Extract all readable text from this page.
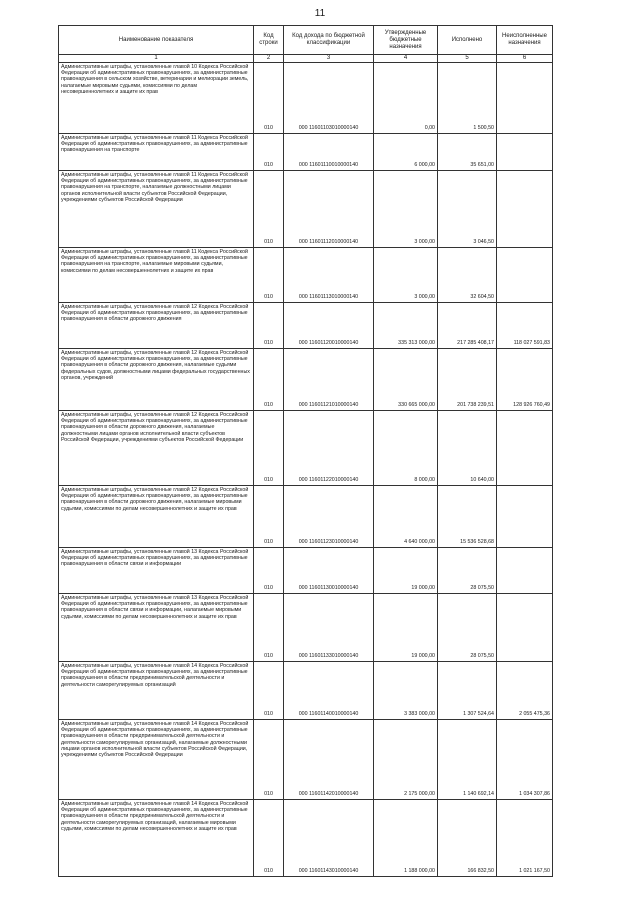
11
Наименование показателя	Код строки	Код дохода по бюджетной классификации	Утвержденные бюджетные назначения	Исполнено	Неисполненные назначения
1	2	3	4	5	6
Административные штрафы, установленные главой 10 Кодекса Российской Федерации об административных правонарушениях, за административные правонарушения в сельском хозяйстве, ветеринарии и мелиорации земель, налагаемые мировыми судьями, комиссиями по делам несовершеннолетних и защите их прав	010	000 11601103010000140	0,00	1 500,50	
Административные штрафы, установленные главой 11 Кодекса Российской Федерации об административных правонарушениях, за административные правонарушения на транспорте	010	000 11601110010000140	6 000,00	35 651,00	
Административные штрафы, установленные главой 11 Кодекса Российской Федерации об административных правонарушениях, за административные правонарушения на транспорте, налагаемые должностными лицами органов исполнительной власти субъектов Российской Федерации, учреждениями субъектов Российской Федерации	010	000 11601112010000140	3 000,00	3 046,50	
Административные штрафы, установленные главой 11 Кодекса Российской Федерации об административных правонарушениях, за административные правонарушения на транспорте, налагаемые мировыми судьями, комиссиями по делам несовершеннолетних и защите их прав	010	000 11601113010000140	3 000,00	32 604,50	
Административные штрафы, установленные главой 12 Кодекса Российской Федерации об административных правонарушениях, за административные правонарушения в области дорожного движения	010	000 11601120010000140	335 313 000,00	217 285 408,17	118 027 591,83
Административные штрафы, установленные главой 12 Кодекса Российской Федерации об административных правонарушениях, за административные правонарушения в области дорожного движения, налагаемые судьями федеральных судов, должностными лицами федеральных государственных органов, учреждений	010	000 11601121010000140	330 665 000,00	201 738 239,51	128 926 760,49
Административные штрафы, установленные главой 12 Кодекса Российской Федерации об административных правонарушениях, за административные правонарушения в области дорожного движения, налагаемые должностными лицами органов исполнительной власти субъектов Российской Федерации, учреждениями субъектов Российской Федерации	010	000 11601122010000140	8 000,00	10 640,00	
Административные штрафы, установленные главой 12 Кодекса Российской Федерации об административных правонарушениях, за административные правонарушения в области дорожного движения, налагаемые мировыми судьями, комиссиями по делам несовершеннолетних и защите их прав	010	000 11601123010000140	4 640 000,00	15 536 528,68	
Административные штрафы, установленные главой 13 Кодекса Российской Федерации об административных правонарушениях, за административные правонарушения в области связи и информации	010	000 11601130010000140	19 000,00	28 075,50	
Административные штрафы, установленные главой 13 Кодекса Российской Федерации об административных правонарушениях, за административные правонарушения в области связи и информации, налагаемые мировыми судьями, комиссиями по делам несовершеннолетних и защите их прав	010	000 11601133010000140	19 000,00	28 075,50	
Административные штрафы, установленные главой 14 Кодекса Российской Федерации об административных правонарушениях, за административные правонарушения в области предпринимательской деятельности и деятельности саморегулируемых организаций	010	000 11601140010000140	3 383 000,00	1 307 524,64	2 055 475,36
Административные штрафы, установленные главой 14 Кодекса Российской Федерации об административных правонарушениях, за административные правонарушения в области предпринимательской деятельности и деятельности саморегулируемых организаций, налагаемые должностными лицами органов исполнительной власти субъектов Российской Федерации, учреждениями субъектов Российской Федерации	010	000 11601142010000140	2 175 000,00	1 140 692,14	1 034 307,86
Административные штрафы, установленные главой 14 Кодекса Российской Федерации об административных правонарушениях, за административные правонарушения в области предпринимательской деятельности и деятельности саморегулируемых организаций, налагаемые мировыми судьями, комиссиями по делам несовершеннолетних и защите их прав	010	000 11601143010000140	1 188 000,00	166 832,50	1 021 167,50
